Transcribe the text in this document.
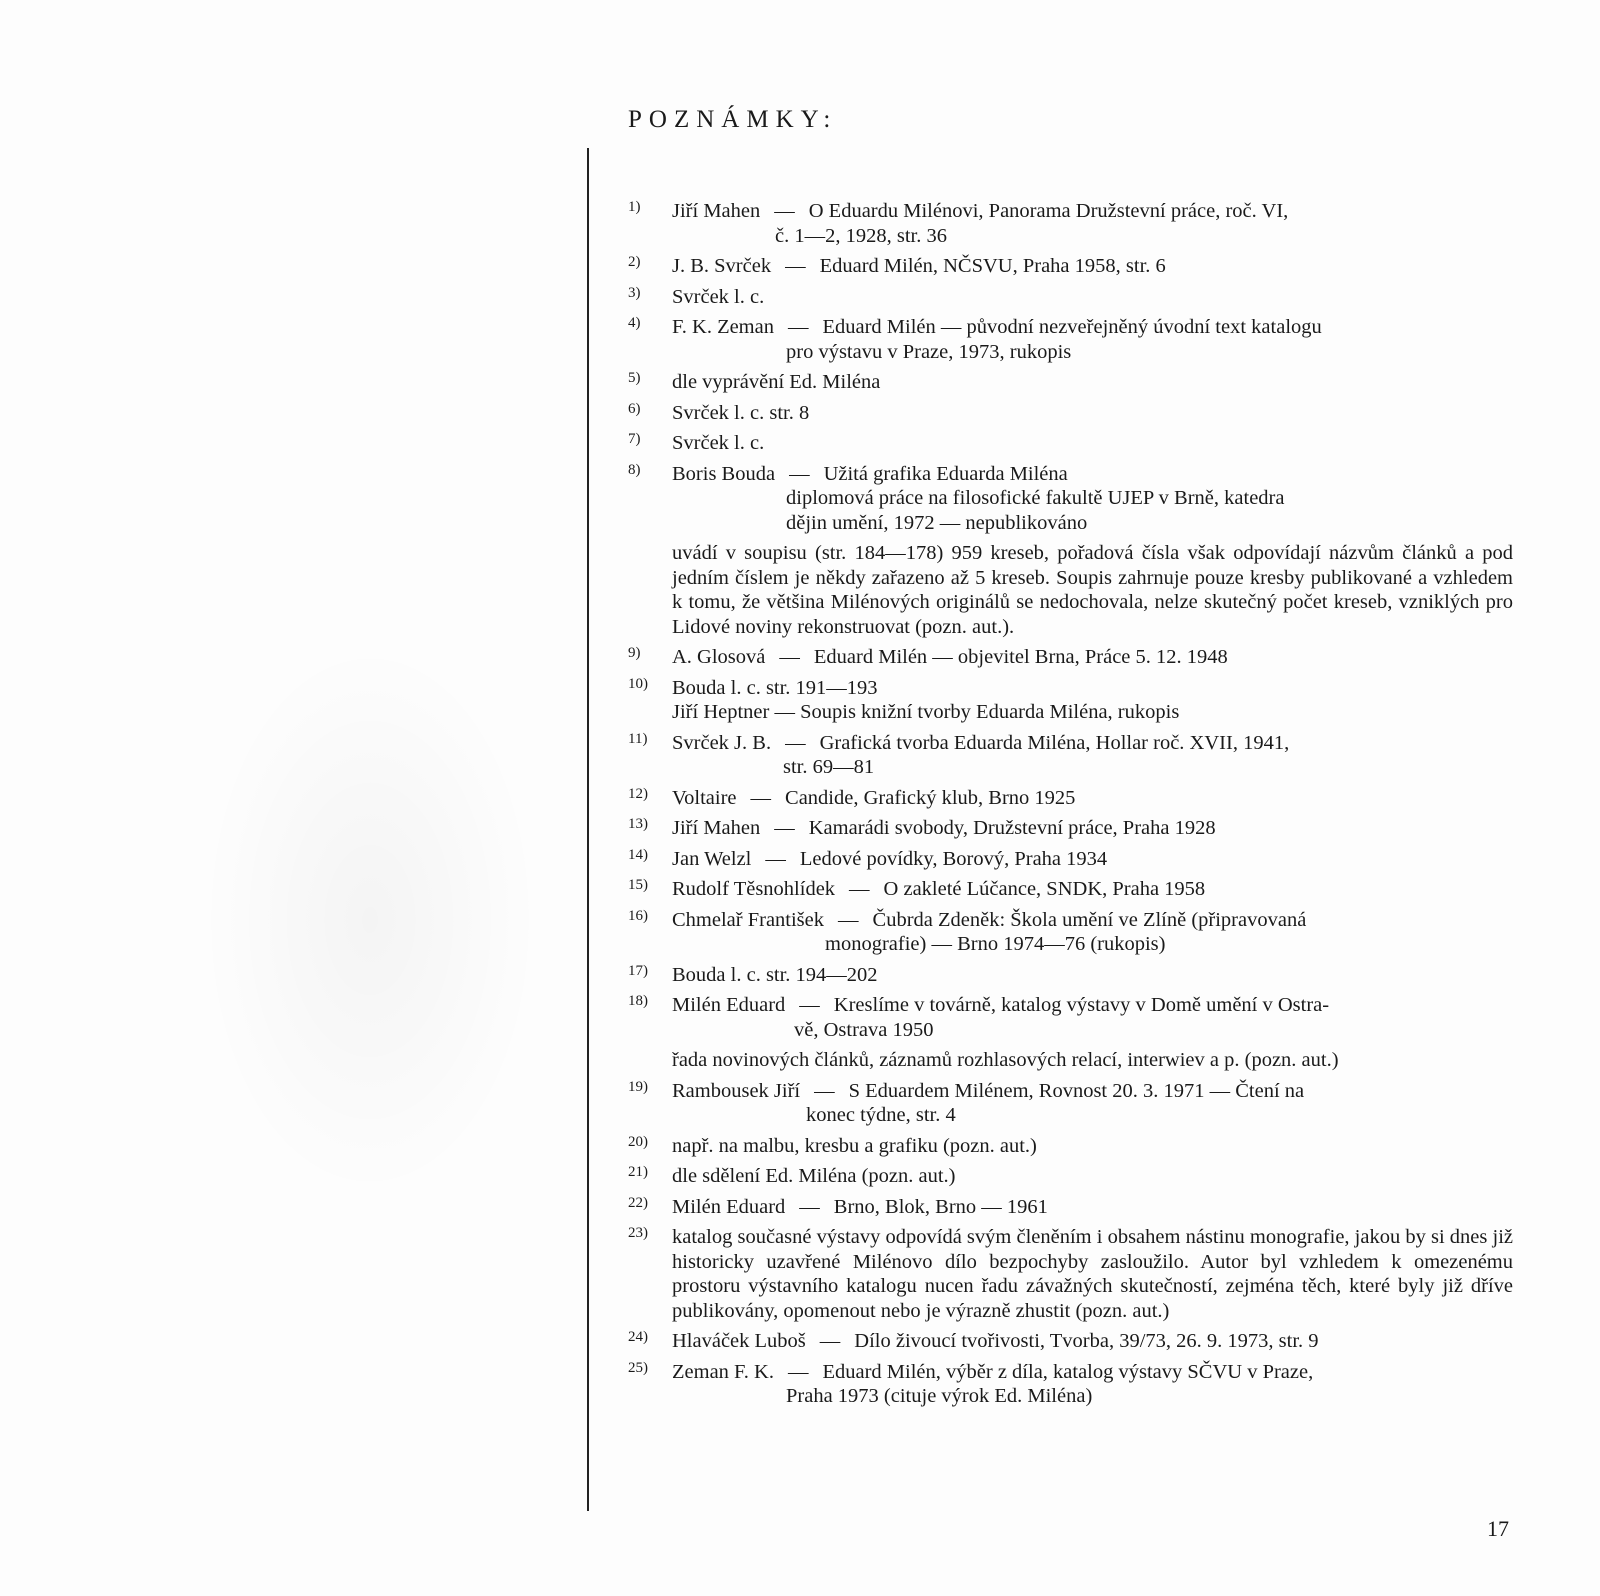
POZNÁMKY:
1)	Jiří Mahen — O Eduardu Milénovi, Panorama Družstevní práce, roč. VI,
č. 1—2, 1928, str. 36
2)	J. B. Svrček — Eduard Milén, NČSVU, Praha 1958, str. 6
3)	Svrček l. c.
4)	F. K. Zeman — Eduard Milén — původní nezveřejněný úvodní text katalogu
pro výstavu v Praze, 1973, rukopis
5)	dle vyprávění Ed. Miléna
6)	Svrček l. c. str. 8
7)	Svrček l. c.
8)	Boris Bouda — Užitá grafika Eduarda Miléna
diplomová práce na filosofické fakultě UJEP v Brně, katedra
dějin umění, 1972 — nepublikováno
uvádí v soupisu (str. 184—178) 959 kreseb, pořadová čísla však odpovídají názvům článků a pod jedním číslem je někdy zařazeno až 5 kreseb. Soupis zahrnuje pouze kresby publikované a vzhledem k tomu, že většina Milénových originálů se nedochovala, nelze skutečný počet kreseb, vzniklých pro Lidové noviny rekonstruovat (pozn. aut.).
9)	A. Glosová — Eduard Milén — objevitel Brna, Práce 5. 12. 1948
10)	Bouda l. c. str. 191—193
Jiří Heptner — Soupis knižní tvorby Eduarda Miléna, rukopis
11)	Svrček J. B. — Grafická tvorba Eduarda Miléna, Hollar roč. XVII, 1941,
str. 69—81
12)	Voltaire — Candide, Grafický klub, Brno 1925
13)	Jiří Mahen — Kamarádi svobody, Družstevní práce, Praha 1928
14)	Jan Welzl — Ledové povídky, Borový, Praha 1934
15)	Rudolf Těsnohlídek — O zakleté Lúčance, SNDK, Praha 1958
16)	Chmelař František — Čubrda Zdeněk: Škola umění ve Zlíně (připravovaná
monografie) — Brno 1974—76 (rukopis)
17)	Bouda l. c. str. 194—202
18)	Milén Eduard — Kreslíme v továrně, katalog výstavy v Domě umění v Ostra-
vě, Ostrava 1950
řada novinových článků, záznamů rozhlasových relací, interwiev a p. (pozn. aut.)
19)	Rambousek Jiří — S Eduardem Milénem, Rovnost 20. 3. 1971 — Čtení na
konec týdne, str. 4
20)	např. na malbu, kresbu a grafiku (pozn. aut.)
21)	dle sdělení Ed. Miléna (pozn. aut.)
22)	Milén Eduard — Brno, Blok, Brno — 1961
23)	katalog současné výstavy odpovídá svým členěním i obsahem nástinu monografie, jakou by si dnes již historicky uzavřené Milénovo dílo bezpochyby zasloužilo. Autor byl vzhledem k omezenému prostoru výstavního katalogu nucen řadu závažných skutečností, zejména těch, které byly již dříve publikovány, opomenout nebo je výrazně zhustit (pozn. aut.)
24)	Hlaváček Luboš — Dílo živoucí tvořivosti, Tvorba, 39/73, 26. 9. 1973, str. 9
25)	Zeman F. K. — Eduard Milén, výběr z díla, katalog výstavy SČVU v Praze,
Praha 1973 (cituje výrok Ed. Miléna)
17
